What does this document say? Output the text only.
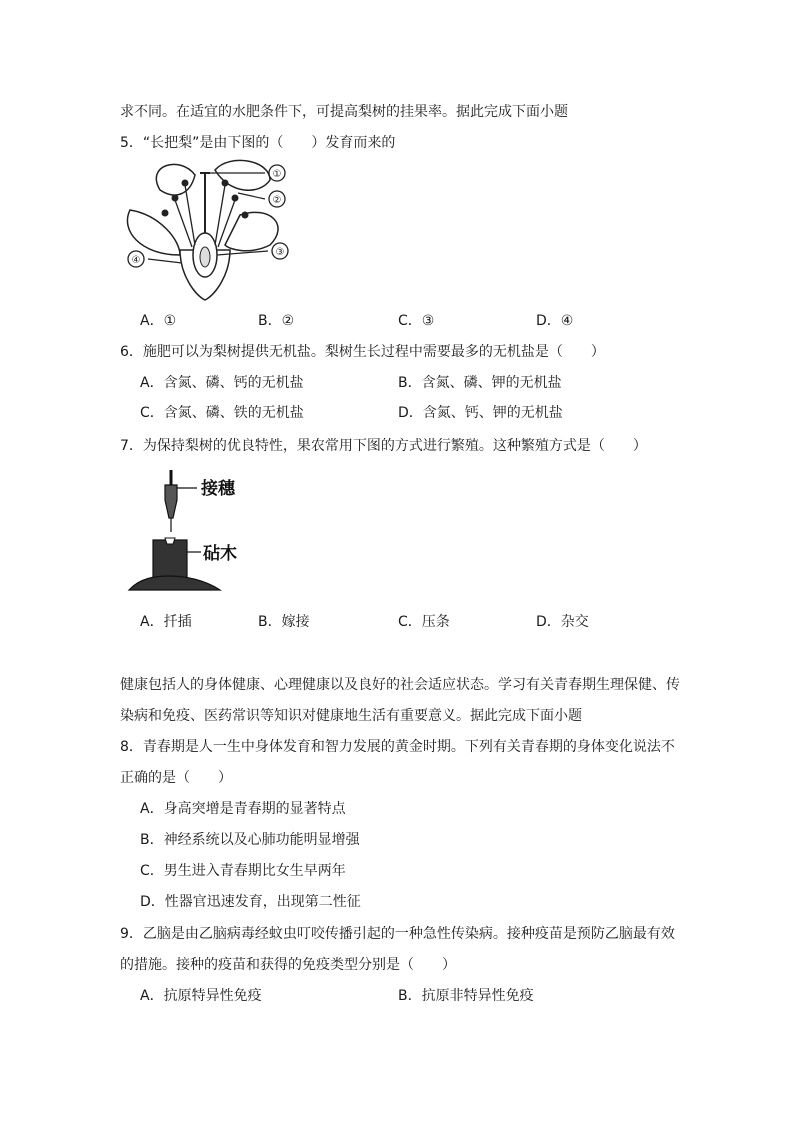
求不同。在适宜的水肥条件下，可提高梨树的挂果率。据此完成下面小题
5．“长把梨”是由下图的（　　）发育而来的
①
②
③
④
A．①	B．②	C．③	D．④
6．施肥可以为梨树提供无机盐。梨树生长过程中需要最多的无机盐是（　　）
A．含氮、磷、钙的无机盐	B．含氮、磷、钾的无机盐
C．含氮、磷、铁的无机盐	D．含氮、钙、钾的无机盐
7．为保持梨树的优良特性，果农常用下图的方式进行繁殖。这种繁殖方式是（　　）
接穗
砧木
A．扦插	B．嫁接	C．压条	D．杂交
健康包括人的身体健康、心理健康以及良好的社会适应状态。学习有关青春期生理保健、传
染病和免疫、医药常识等知识对健康地生活有重要意义。据此完成下面小题
8．青春期是人一生中身体发育和智力发展的黄金时期。下列有关青春期的身体变化说法不
正确的是（　　）
A．身高突增是青春期的显著特点
B．神经系统以及心肺功能明显增强
C．男生进入青春期比女生早两年
D．性器官迅速发育，出现第二性征
9．乙脑是由乙脑病毒经蚊虫叮咬传播引起的一种急性传染病。接种疫苗是预防乙脑最有效
的措施。接种的疫苗和获得的免疫类型分别是（　　）
A．抗原特异性免疫	B．抗原非特异性免疫
